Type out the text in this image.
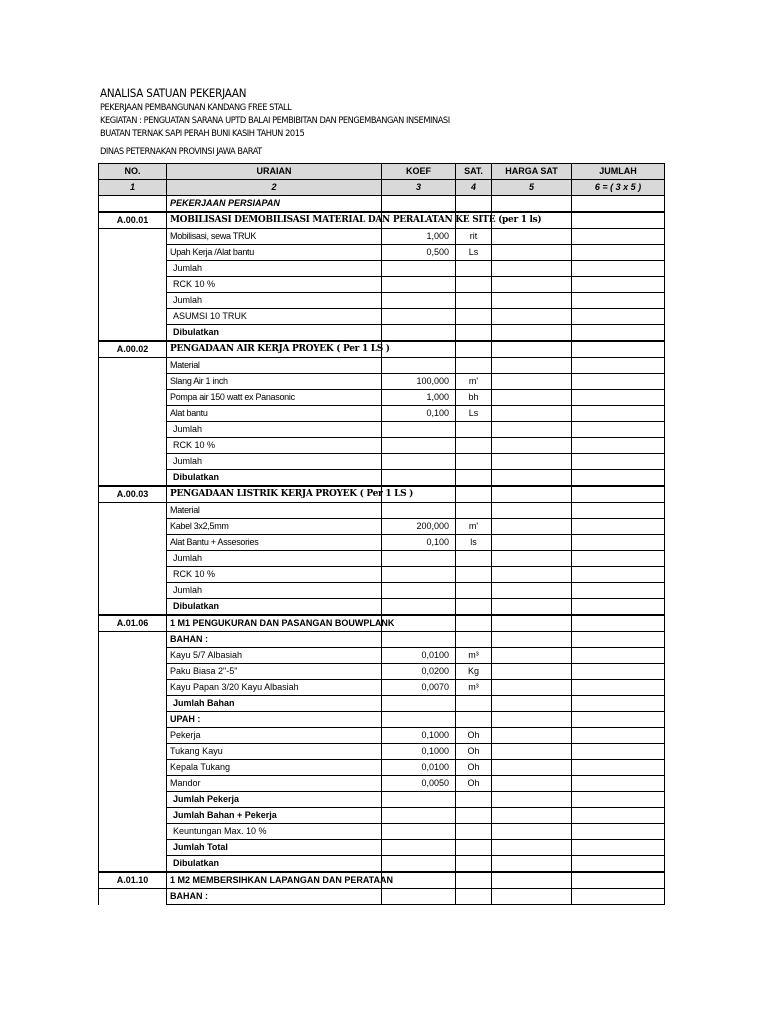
ANALISA SATUAN PEKERJAAN
PEKERJAAN PEMBANGUNAN KANDANG FREE STALL
KEGIATAN : PENGUATAN SARANA UPTD BALAI PEMBIBITAN DAN PENGEMBANGAN INSEMINASI
BUATAN TERNAK SAPI PERAH BUNI KASIH TAHUN 2015
DINAS PETERNAKAN PROVINSI JAWA BARAT
NO.	URAIAN	KOEF	SAT.	HARGA SAT	JUMLAH
1	2	3	4	5	6 = ( 3 x 5 )
	PEKERJAAN PERSIAPAN				
A.00.01	MOBILISASI DEMOBILISASI MATERIAL DAN PERALATAN KE SITE (per 1 ls)				
	Mobilisasi, sewa TRUK	1,000	rit		
	Upah Kerja /Alat bantu	0,500	Ls		
	Jumlah				
	RCK 10 %				
	Jumlah				
	ASUMSI 10 TRUK				
	Dibulatkan				
A.00.02	PENGADAAN AIR KERJA PROYEK ( Per 1 LS )				
	Material				
	Slang Air 1 inch	100,000	m'		
	Pompa air 150 watt ex Panasonic	1,000	bh		
	Alat bantu	0,100	Ls		
	Jumlah				
	RCK 10 %				
	Jumlah				
	Dibulatkan				
A.00.03	PENGADAAN LISTRIK KERJA PROYEK ( Per 1 LS )				
	Material				
	Kabel 3x2,5mm	200,000	m'		
	Alat Bantu + Assesories	0,100	ls		
	Jumlah				
	RCK 10 %				
	Jumlah				
	Dibulatkan				
A.01.06	1 M1 PENGUKURAN DAN PASANGAN BOUWPLANK				
	BAHAN :				
	Kayu 5/7 Albasiah	0,0100	m³		
	Paku Biasa 2"-5"	0,0200	Kg		
	Kayu Papan 3/20 Kayu Albasiah	0,0070	m³		
	Jumlah Bahan				
	UPAH :				
	Pekerja	0,1000	Oh		
	Tukang Kayu	0,1000	Oh		
	Kepala Tukang	0,0100	Oh		
	Mandor	0,0050	Oh		
	Jumlah Pekerja				
	Jumlah Bahan + Pekerja				
	Keuntungan Max. 10 %				
	Jumlah Total				
	Dibulatkan				
A.01.10	1 M2 MEMBERSIHKAN LAPANGAN DAN PERATAAN				
	BAHAN :				
